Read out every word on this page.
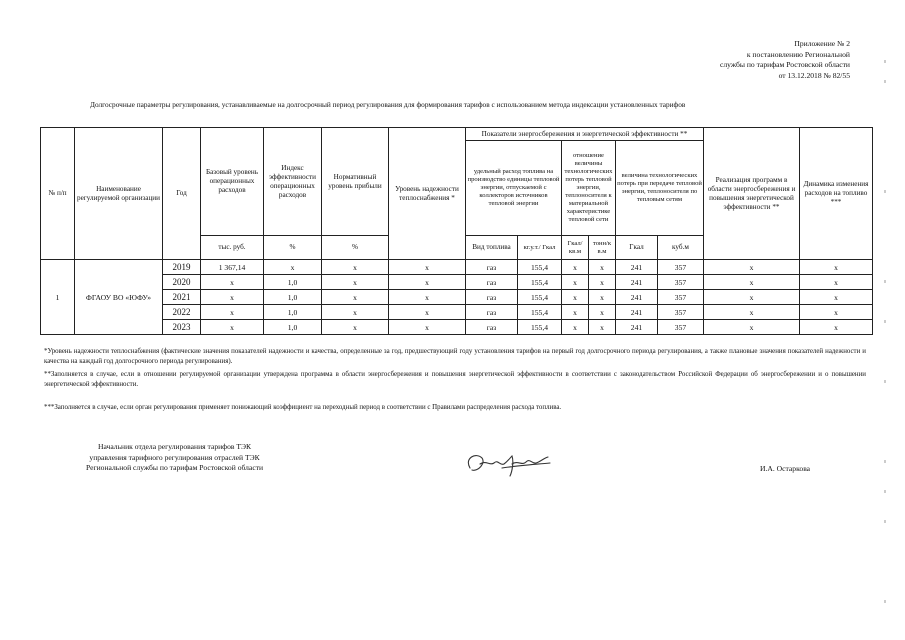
Приложение № 2
к постановлению Региональной
службы по тарифам Ростовской области
от 13.12.2018 № 82/55
Долгосрочные параметры регулирования, устанавливаемые на долгосрочный период регулирования для формирования тарифов с использованием метода индексации установленных тарифов
№ п/п	Наименование регулируемой организации	Год	Базовый уровень операционных расходов	Индекс эффективности операционных расходов	Нормативный уровень прибыли	Уровень надежности теплоснабжения *	Показатели энергосбережения и энергетической эффективности **						Реализация программ в области энергосбережения и повышения энергетической эффективности **	Динамика изменения расходов на топливо ***
							удельный расход топлива на производство единицы тепловой энергии, отпускаемой с коллекторов источников тепловой энергии		отношение величины технологических потерь тепловой энергии, теплоносителя к материальной характеристике тепловой сети		величина технологических потерь при передаче тепловой энергии, теплоносителя по тепловым сетям			
			тыс. руб.	%	%		Вид топлива	кг.у.т./ Гкал	Гкал/ кв.м	тонн/к в.м	Гкал	куб.м		
1	ФГАОУ ВО «ЮФУ»	2019	1 367,14	х	х	х	газ	155,4	х	х	241	357	х	х
		2020	х	1,0	х	х	газ	155,4	х	х	241	357	х	х
		2021	х	1,0	х	х	газ	155,4	х	х	241	357	х	х
		2022	х	1,0	х	х	газ	155,4	х	х	241	357	х	х
		2023	х	1,0	х	х	газ	155,4	х	х	241	357	х	х
*Уровень надежности теплоснабжения (фактические значения показателей надежности и качества, определенные за год, предшествующий году установления тарифов на первый год долгосрочного периода регулирования, а также плановые значения показателей надежности и качества на каждый год долгосрочного периода регулирования).
**Заполняется в случае, если в отношении регулируемой организации утверждена программа в области энергосбережения и повышения энергетической эффективности в соответствии с законодательством Российской Федерации об энергосбережении и о повышении энергетической эффективности.
***Заполняется в случае, если орган регулирования применяет понижающий коэффициент на переходный период в соответствии с Правилами распределения расхода топлива.
Начальник отдела регулирования тарифов ТЭК
управления тарифного регулирования отраслей ТЭК
Региональной службы по тарифам Ростовской области	И.А. Остаркова
